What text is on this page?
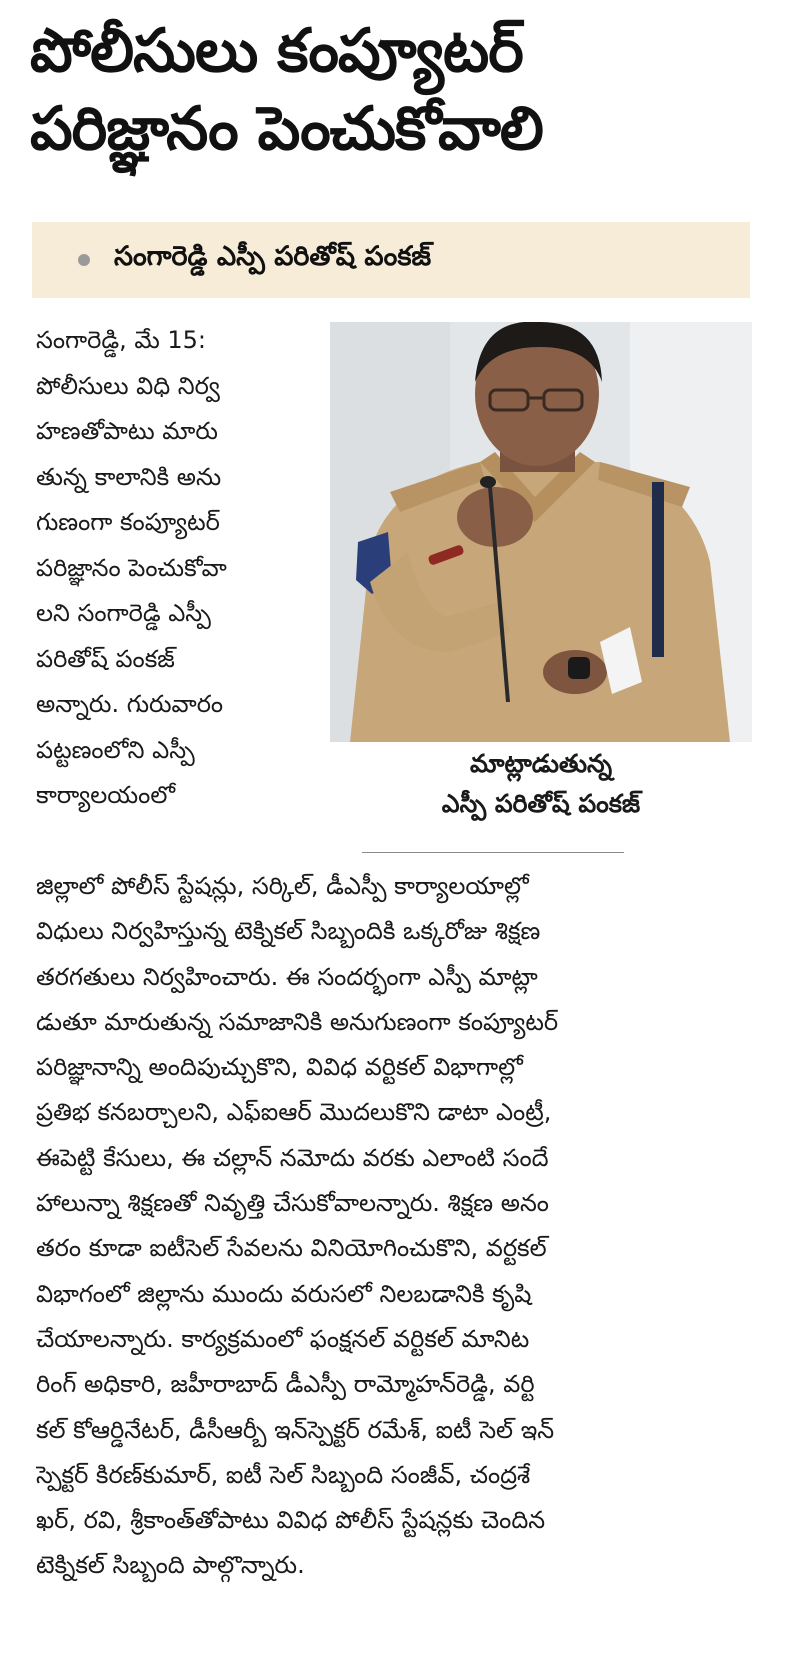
పోలీసులు కంప్యూటర్
పరిజ్ఞానం పెంచుకోవాలి
సంగారెడ్డి ఎస్పీ పరితోష్ పంకజ్
సంగారెడ్డి, మే 15:
పోలీసులు విధి నిర్వ
హణతోపాటు మారు
తున్న కాలానికి అను
గుణంగా కంప్యూటర్
పరిజ్ఞానం పెంచుకోవా
లని సంగారెడ్డి ఎస్పీ
పరితోష్ పంకజ్
అన్నారు. గురువారం
పట్టణంలోని ఎస్పీ
కార్యాలయంలో
మాట్లాడుతున్న
ఎస్పీ పరితోష్ పంకజ్
జిల్లాలో పోలీస్ స్టేషన్లు, సర్కిల్, డీఎస్పీ కార్యాలయాల్లో
విధులు నిర్వహిస్తున్న టెక్నికల్ సిబ్బందికి ఒక్కరోజు శిక్షణ
తరగతులు నిర్వహించారు. ఈ సందర్భంగా ఎస్పీ మాట్లా
డుతూ మారుతున్న సమాజానికి అనుగుణంగా కంప్యూటర్
పరిజ్ఞానాన్ని అందిపుచ్చుకొని, వివిధ వర్టికల్ విభాగాల్లో
ప్రతిభ కనబర్చాలని, ఎఫ్ఐఆర్ మొదలుకొని డాటా ఎంట్రీ,
ఈపెట్టి కేసులు, ఈ చల్లాన్ నమోదు వరకు ఎలాంటి సందే
హాలున్నా శిక్షణతో నివృత్తి చేసుకోవాలన్నారు. శిక్షణ అనం
తరం కూడా ఐటీసెల్ సేవలను వినియోగించుకొని, వర్టకల్
విభాగంలో జిల్లాను ముందు వరుసలో నిలబడానికి కృషి
చేయాలన్నారు. కార్యక్రమంలో ఫంక్షనల్ వర్టికల్ మానిట
రింగ్ అధికారి, జహీరాబాద్ డీఎస్పీ రామ్మోహన్‌రెడ్డి, వర్టి
కల్ కోఆర్డినేటర్, డీసీఆర్బీ ఇన్‌స్పెక్టర్ రమేశ్, ఐటీ సెల్ ఇన్
స్పెక్టర్ కిరణ్‌కుమార్, ఐటీ సెల్ సిబ్బంది సంజీవ్, చంద్రశే
ఖర్, రవి, శ్రీకాంత్‌తోపాటు వివిధ పోలీస్ స్టేషన్లకు చెందిన
టెక్నికల్ సిబ్బంది పాల్గొన్నారు.
